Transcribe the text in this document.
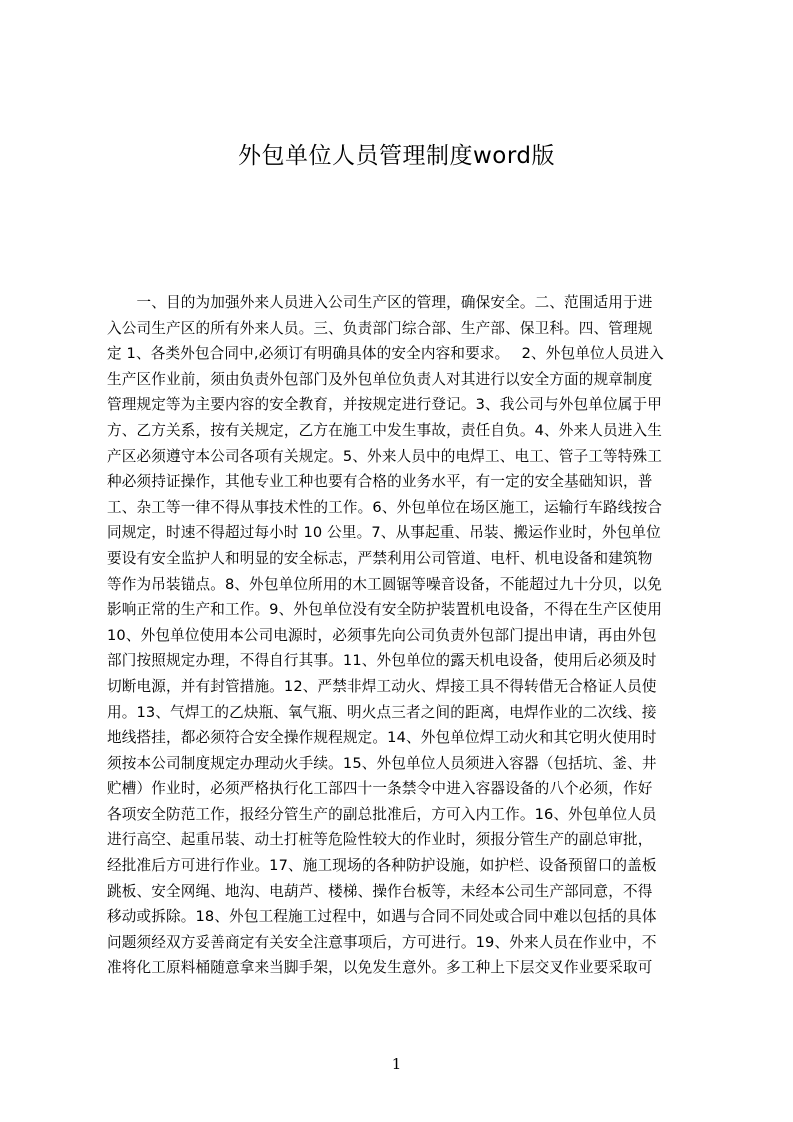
外包单位人员管理制度word版
　　一、目的为加强外来人员进入公司生产区的管理，确保安全。二、范围适用于进
入公司生产区的所有外来人员。三、负责部门综合部、生产部、保卫科。四、管理规
定 1、各类外包合同中,必须订有明确具体的安全内容和要求。　 2、外包单位人员进入
生产区作业前，须由负责外包部门及外包单位负责人对其进行以安全方面的规章制度
管理规定等为主要内容的安全教育，并按规定进行登记。3、我公司与外包单位属于甲
方、乙方关系，按有关规定，乙方在施工中发生事故，责任自负。4、外来人员进入生
产区必须遵守本公司各项有关规定。5、外来人员中的电焊工、电工、管子工等特殊工
种必须持证操作，其他专业工种也要有合格的业务水平，有一定的安全基础知识，普
工、杂工等一律不得从事技术性的工作。6、外包单位在场区施工，运输行车路线按合
同规定，时速不得超过每小时 10 公里。7、从事起重、吊装、搬运作业时，外包单位
要设有安全监护人和明显的安全标志，严禁利用公司管道、电杆、机电设备和建筑物
等作为吊装锚点。8、外包单位所用的木工圆锯等噪音设备，不能超过九十分贝，以免
影响正常的生产和工作。9、外包单位没有安全防护装置机电设备，不得在生产区使用
10、外包单位使用本公司电源时，必须事先向公司负责外包部门提出申请，再由外包
部门按照规定办理，不得自行其事。11、外包单位的露天机电设备，使用后必须及时
切断电源，并有封管措施。12、严禁非焊工动火、焊接工具不得转借无合格证人员使
用。13、气焊工的乙炔瓶、氧气瓶、明火点三者之间的距离，电焊作业的二次线、接
地线搭挂，都必须符合安全操作规程规定。14、外包单位焊工动火和其它明火使用时
须按本公司制度规定办理动火手续。15、外包单位人员须进入容器（包括坑、釜、井
贮槽）作业时，必须严格执行化工部四十一条禁令中进入容器设备的八个必须，作好
各项安全防范工作，报经分管生产的副总批准后，方可入内工作。16、外包单位人员
进行高空、起重吊装、动土打桩等危险性较大的作业时，须报分管生产的副总审批，
经批准后方可进行作业。17、施工现场的各种防护设施，如护栏、设备预留口的盖板
跳板、安全网绳、地沟、电葫芦、楼梯、操作台板等，未经本公司生产部同意，不得
移动或拆除。18、外包工程施工过程中，如遇与合同不同处或合同中难以包括的具体
问题须经双方妥善商定有关安全注意事项后，方可进行。19、外来人员在作业中，不
准将化工原料桶随意拿来当脚手架，以免发生意外。多工种上下层交叉作业要采取可
1
